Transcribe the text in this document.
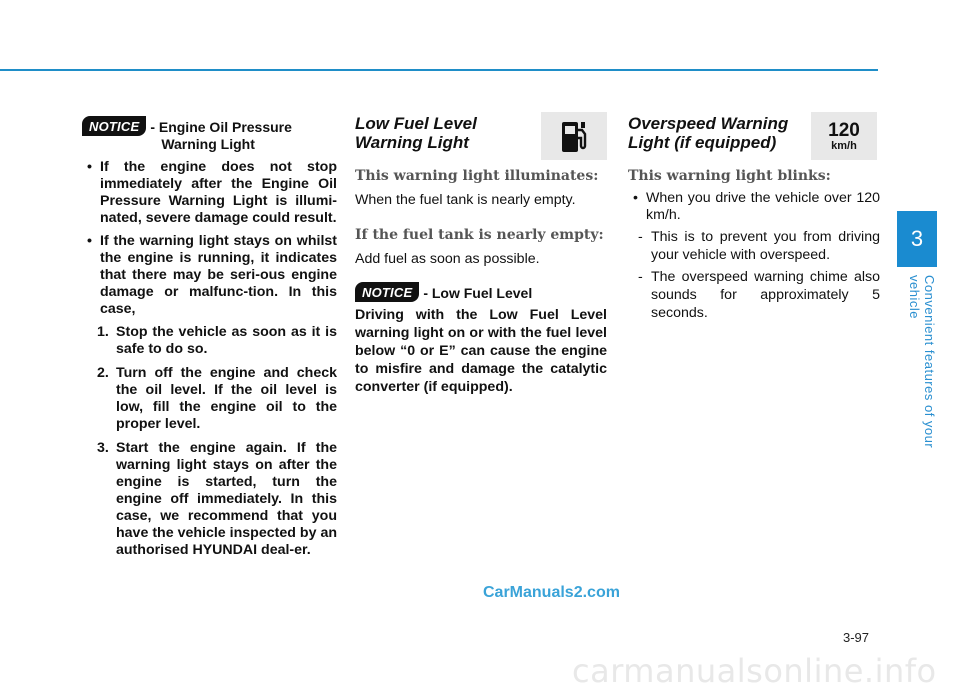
NOTICE - Engine Oil Pressure
Warning Light
• If the engine does not stop immediately after the Engine Oil Pressure Warning Light is illumi-nated, severe damage could result.
• If the warning light stays on whilst the engine is running, it indicates that there may be seri-ous engine damage or malfunc-tion. In this case,
1. Stop the vehicle as soon as it is safe to do so.
2. Turn off the engine and check the oil level. If the oil level is low, fill the engine oil to the proper level.
3. Start the engine again. If the warning light stays on after the engine is started, turn the engine off immediately. In this case, we recommend that you have the vehicle inspected by an authorised HYUNDAI deal-er.
Low Fuel Level
Warning Light
This warning light illuminates:
When the fuel tank is nearly empty.
If the fuel tank is nearly empty:
Add fuel as soon as possible.
NOTICE - Low Fuel Level
Driving with the Low Fuel Level warning light on or with the fuel level below “0 or E” can cause the engine to misfire and damage the catalytic converter (if equipped).
Overspeed Warning
Light (if equipped)
120
km/h
This warning light blinks:
• When you drive the vehicle over 120 km/h.
- This is to prevent you from driving your vehicle with overspeed.
- The overspeed warning chime also sounds for approximately 5 seconds.
3
Convenient features of your vehicle
CarManuals2.com
3-97
carmanualsonline.info
